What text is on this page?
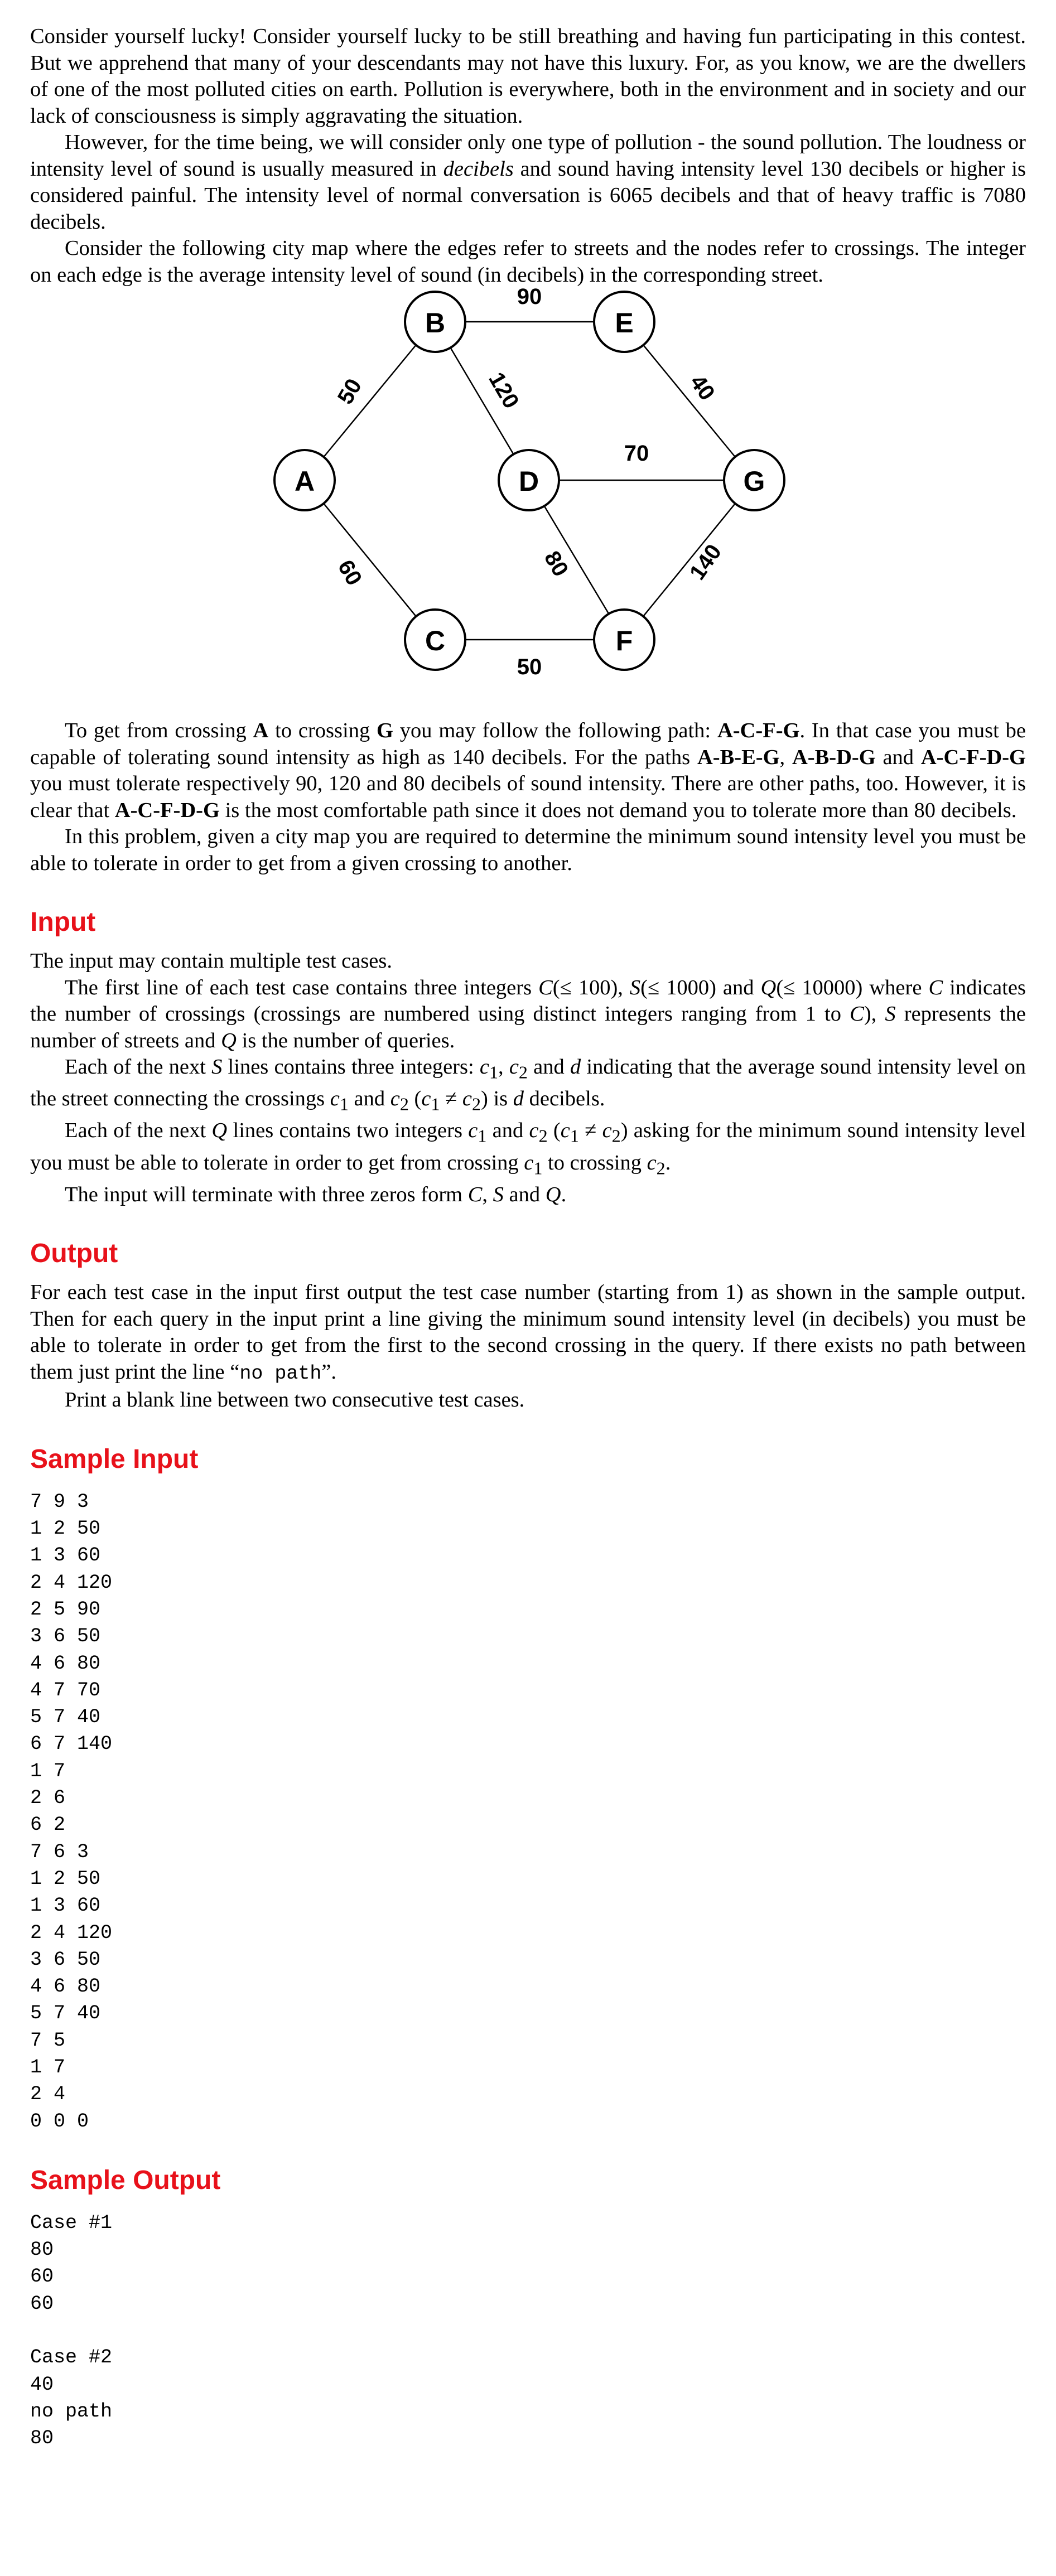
Consider yourself lucky! Consider yourself lucky to be still breathing and having fun participating in this contest. But we apprehend that many of your descendants may not have this luxury. For, as you know, we are the dwellers of one of the most polluted cities on earth. Pollution is everywhere, both in the environment and in society and our lack of consciousness is simply aggravating the situation.

However, for the time being, we will consider only one type of pollution - the sound pollution. The loudness or intensity level of sound is usually measured in decibels and sound having intensity level 130 decibels or higher is considered painful. The intensity level of normal conversation is 6065 decibels and that of heavy traffic is 7080 decibels.

Consider the following city map where the edges refer to streets and the nodes refer to crossings. The integer on each edge is the average intensity level of sound (in decibels) in the corresponding street.

50
60
90
120	40
70
80
50
140
A
B
C
D
E
F
G

To get from crossing A to crossing G you may follow the following path: A-C-F-G. In that case you must be capable of tolerating sound intensity as high as 140 decibels. For the paths A-B-E-G, A-B-D-G and A-C-F-D-G you must tolerate respectively 90, 120 and 80 decibels of sound intensity. There are other paths, too. However, it is clear that A-C-F-D-G is the most comfortable path since it does not demand you to tolerate more than 80 decibels.

In this problem, given a city map you are required to determine the minimum sound intensity level you must be able to tolerate in order to get from a given crossing to another.

Input

The input may contain multiple test cases.

The first line of each test case contains three integers C(≤ 100), S(≤ 1000) and Q(≤ 10000) where C indicates the number of crossings (crossings are numbered using distinct integers ranging from 1 to C), S represents the number of streets and Q is the number of queries.

Each of the next S lines contains three integers: $c_1$, $c_2$ and d indicating that the average sound intensity level on the street connecting the crossings $c_1$ and $c_2$ $(c_1 \ne c_2)$ is d decibels.

Each of the next Q lines contains two integers $c_1$ and $c_2$ $(c_1 \ne c_2)$ asking for the minimum sound intensity level you must be able to tolerate in order to get from crossing $c_1$ to crossing $c_2$.

The input will terminate with three zeros form C, S and Q.

Output

For each test case in the input first output the test case number (starting from 1) as shown in the sample output. Then for each query in the input print a line giving the minimum sound intensity level (in decibels) you must be able to tolerate in order to get from the first to the second crossing in the query. If there exists no path between them just print the line “no path”.

Print a blank line between two consecutive test cases.

Sample Input
7 9 3
1 2 50
1 3 60
2 4 120
2 5 90
3 6 50
4 6 80
4 7 70
5 7 40
6 7 140
1 7
2 6
6 2
7 6 3
1 2 50
1 3 60
2 4 120
3 6 50
4 6 80
5 7 40
7 5
1 7
2 4
0 0 0
Sample Output
Case #1
80
60
60

Case #2
40
no path
80
